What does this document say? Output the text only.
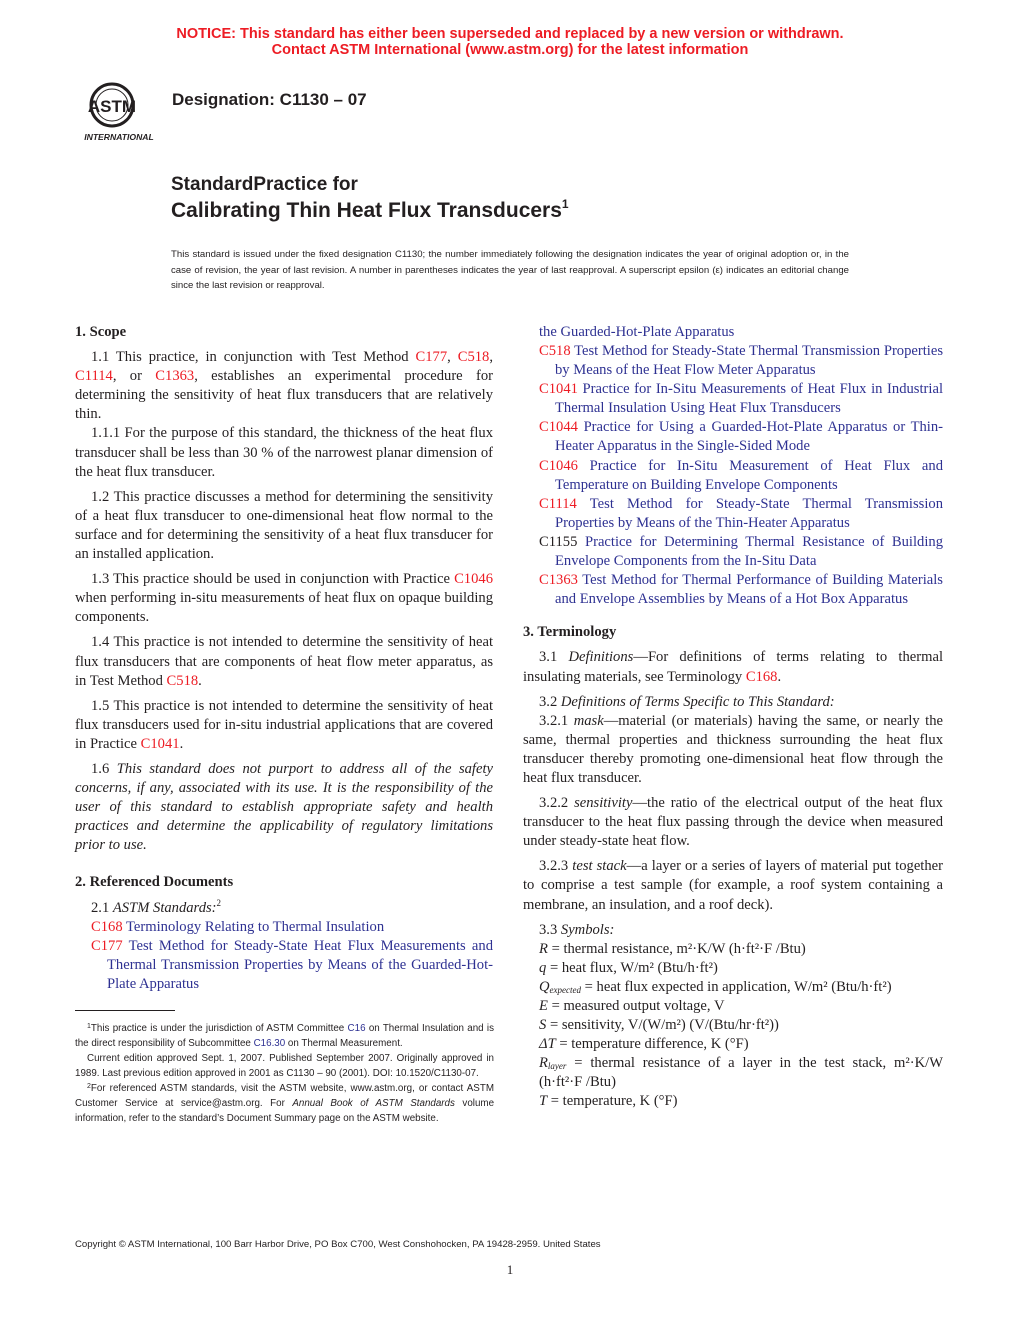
NOTICE: This standard has either been superseded and replaced by a new version or withdrawn.
Contact ASTM International (www.astm.org) for the latest information
ASTM
INTERNATIONAL
Designation: C1130 – 07
StandardPractice for
Calibrating Thin Heat Flux Transducers$^1$
This standard is issued under the fixed designation C1130; the number immediately following the designation indicates the year of original adoption or, in the case of revision, the year of last revision. A number in parentheses indicates the year of last reapproval. A superscript epsilon (ε) indicates an editorial change since the last revision or reapproval.

1. Scope

1.1 This practice, in conjunction with Test Method C177, C518, C1114, or C1363, establishes an experimental procedure for determining the sensitivity of heat flux transducers that are relatively thin.

1.1.1 For the purpose of this standard, the thickness of the heat flux transducer shall be less than 30 % of the narrowest planar dimension of the heat flux transducer.

1.2 This practice discusses a method for determining the sensitivity of a heat flux transducer to one-dimensional heat flow normal to the surface and for determining the sensitivity of a heat flux transducer for an installed application.

1.3 This practice should be used in conjunction with Practice C1046 when performing in-situ measurements of heat flux on opaque building components.

1.4 This practice is not intended to determine the sensitivity of heat flux transducers that are components of heat flow meter apparatus, as in Test Method C518.

1.5 This practice is not intended to determine the sensitivity of heat flux transducers used for in-situ industrial applications that are covered in Practice C1041.

1.6 This standard does not purport to address all of the safety concerns, if any, associated with its use. It is the responsibility of the user of this standard to establish appropriate safety and health practices and determine the applicability of regulatory limitations prior to use.

2. Referenced Documents

2.1 ASTM Standards:$^2$

C168 Terminology Relating to Thermal Insulation

C177 Test Method for Steady-State Heat Flux Measurements and Thermal Transmission Properties by Means of the Guarded-Hot-Plate Apparatus

$^1$This practice is under the jurisdiction of ASTM Committee C16 on Thermal Insulation and is the direct responsibility of Subcommittee C16.30 on Thermal Measurement.

Current edition approved Sept. 1, 2007. Published September 2007. Originally approved in 1989. Last previous edition approved in 2001 as C1130 – 90 (2001). DOI: 10.1520/C1130-07.

$^2$For referenced ASTM standards, visit the ASTM website, www.astm.org, or contact ASTM Customer Service at service@astm.org. For Annual Book of ASTM Standards volume information, refer to the standard’s Document Summary page on the ASTM website.

the Guarded-Hot-Plate Apparatus

C518 Test Method for Steady-State Thermal Transmission Properties by Means of the Heat Flow Meter Apparatus

C1041 Practice for In-Situ Measurements of Heat Flux in Industrial Thermal Insulation Using Heat Flux Transducers

C1044 Practice for Using a Guarded-Hot-Plate Apparatus or Thin-Heater Apparatus in the Single-Sided Mode

C1046 Practice for In-Situ Measurement of Heat Flux and Temperature on Building Envelope Components

C1114 Test Method for Steady-State Thermal Transmission Properties by Means of the Thin-Heater Apparatus

C1155 Practice for Determining Thermal Resistance of Building Envelope Components from the In-Situ Data

C1363 Test Method for Thermal Performance of Building Materials and Envelope Assemblies by Means of a Hot Box Apparatus

3. Terminology

3.1 Definitions—For definitions of terms relating to thermal insulating materials, see Terminology C168.

3.2 Definitions of Terms Specific to This Standard:

3.2.1 mask—material (or materials) having the same, or nearly the same, thermal properties and thickness surrounding the heat flux transducer thereby promoting one-dimensional heat flow through the heat flux transducer.

3.2.2 sensitivity—the ratio of the electrical output of the heat flux transducer to the heat flux passing through the device when measured under steady-state heat flow.

3.2.3 test stack—a layer or a series of layers of material put together to comprise a test sample (for example, a roof system containing a membrane, an insulation, and a roof deck).

3.3 Symbols:

R = thermal resistance, m²·K/W (h·ft²·F /Btu)

q = heat flux, W/m² (Btu/h·ft²)

$Q_{expected}$ = heat flux expected in application, W/m² (Btu/h·ft²)

E = measured output voltage, V

S = sensitivity, V/(W/m²) (V/(Btu/hr·ft²))

ΔT = temperature difference, K (°F)

$R_{layer}$ = thermal resistance of a layer in the test stack, m²·K/W (h·ft²·F /Btu)

T = temperature, K (°F)

Copyright © ASTM International, 100 Barr Harbor Drive, PO Box C700, West Conshohocken, PA 19428-2959. United States
1
